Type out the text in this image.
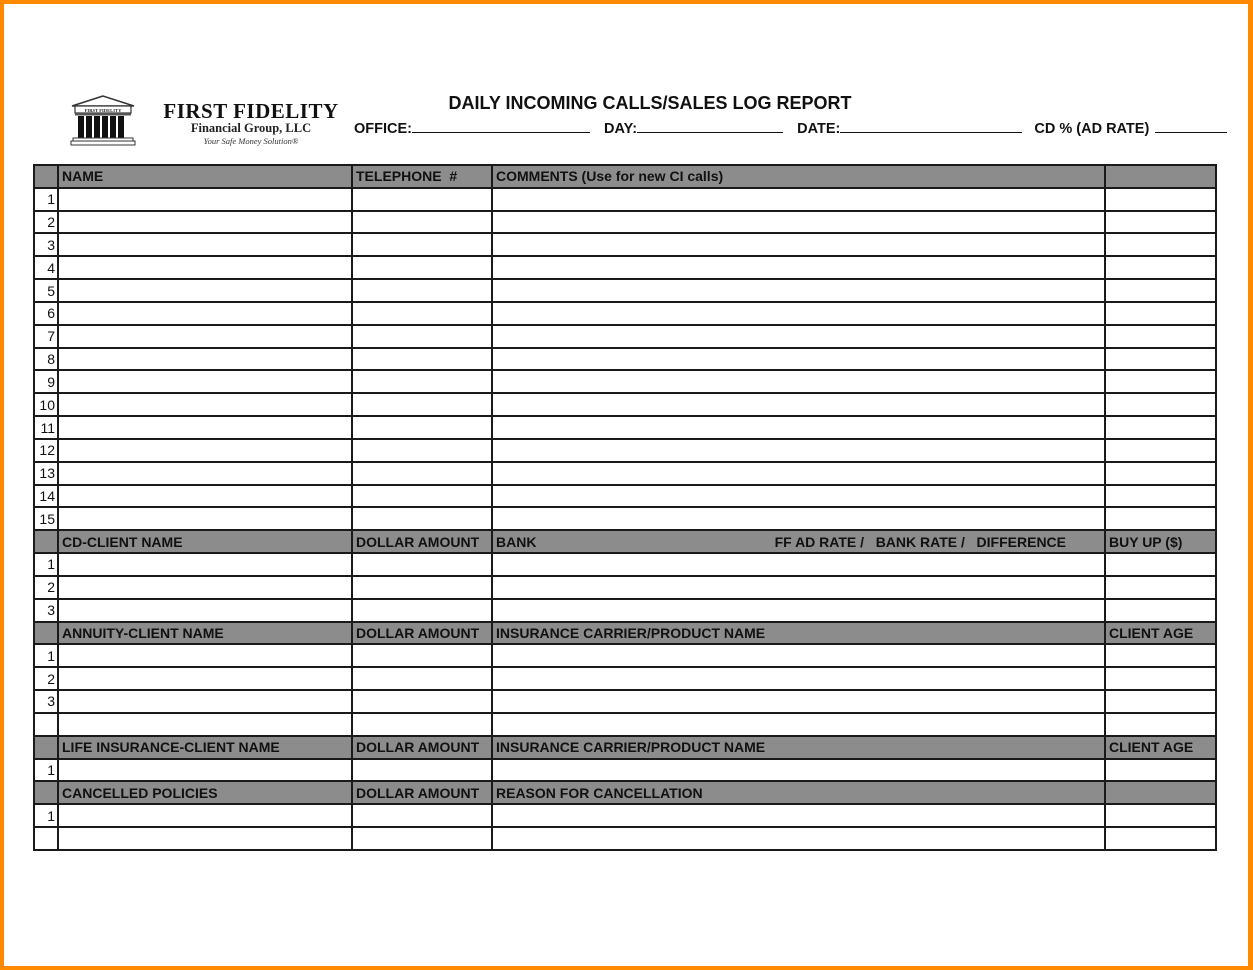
FIRST FIDELITY	FIRST FIDELITY
Financial Group, LLC
Your Safe Money Solution®
DAILY INCOMING CALLS/SALES LOG REPORT
OFFICE:	DAY:	DATE:	CD % (AD RATE)
	NAME	TELEPHONE  #	COMMENTS (Use for new CI calls)	
1				
2				
3				
4				
5				
6				
7				
8				
9				
10				
11				
12				
13				
14				
15				
	CD-CLIENT NAME	DOLLAR AMOUNT	BANK FF AD RATE /   BANK RATE /   DIFFERENCE	BUY UP ($)
1				
2				
3				
	ANNUITY-CLIENT NAME	DOLLAR AMOUNT	INSURANCE CARRIER/PRODUCT NAME	CLIENT AGE
1				
2				
3				

	LIFE INSURANCE-CLIENT NAME	DOLLAR AMOUNT	INSURANCE CARRIER/PRODUCT NAME	CLIENT AGE
1				
	CANCELLED POLICIES	DOLLAR AMOUNT	REASON FOR CANCELLATION	
1				
